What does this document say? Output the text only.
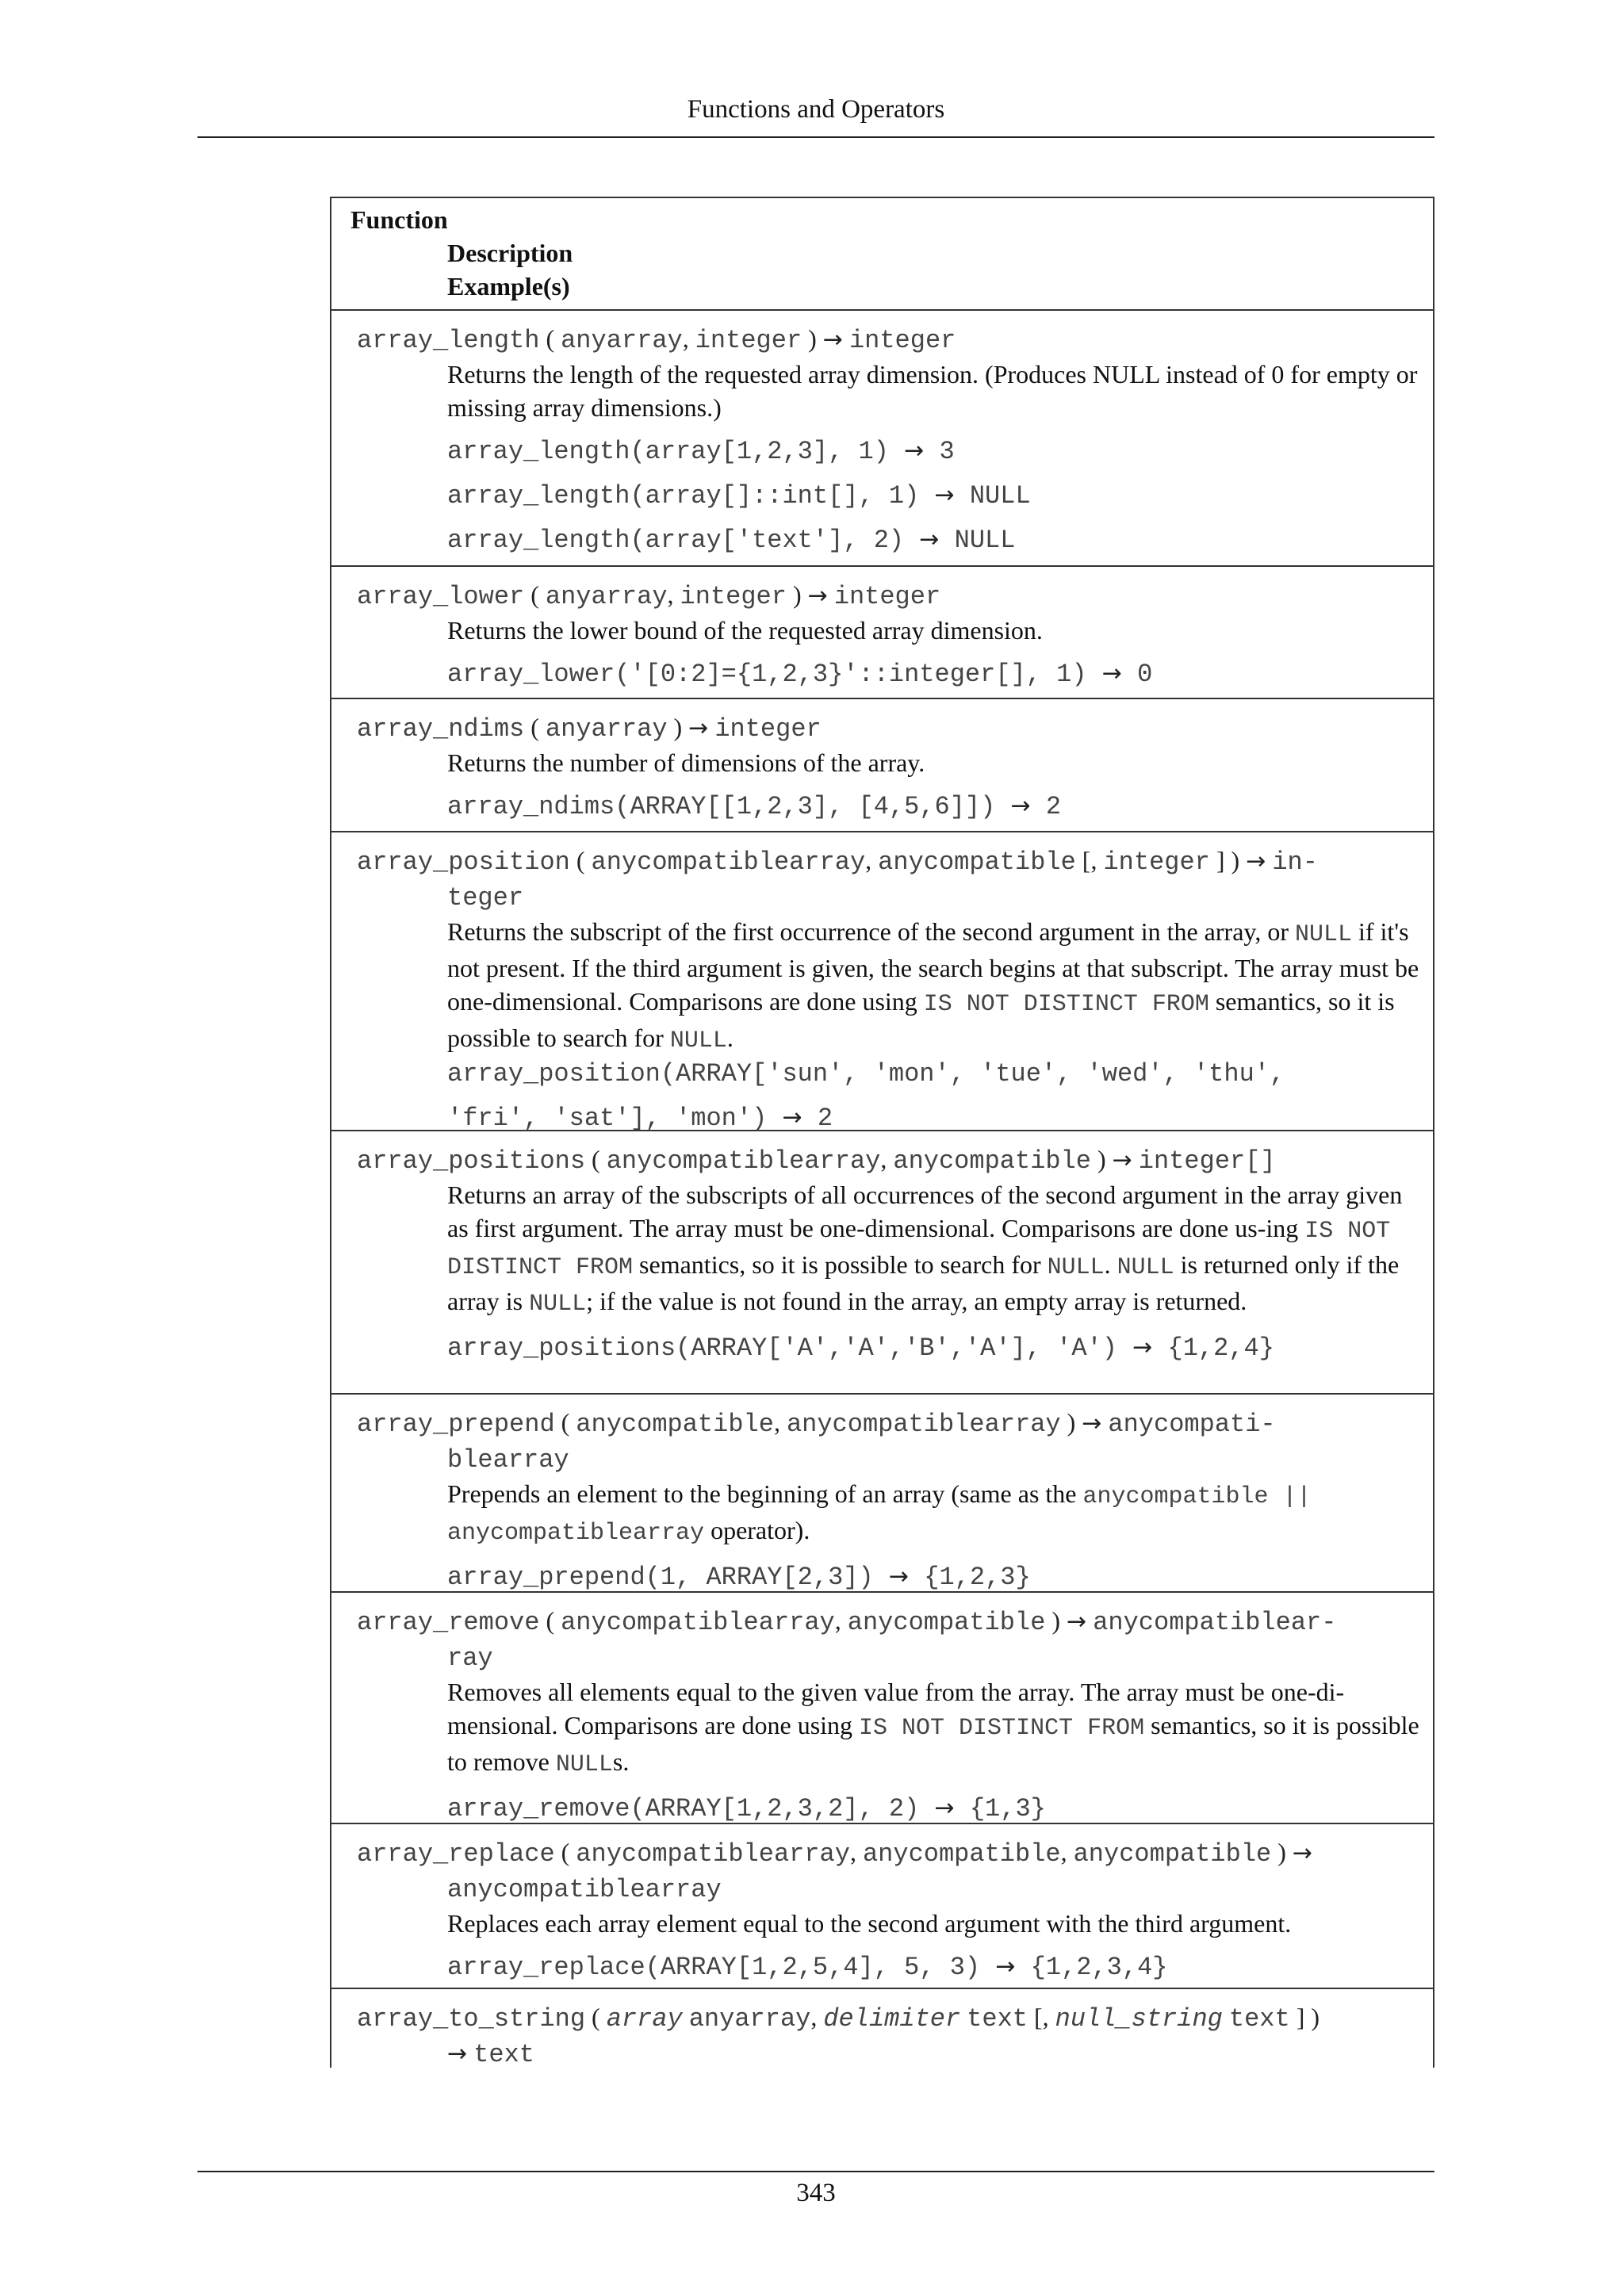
Functions and Operators
Function
Description
Example(s)
array_length ( anyarray, integer ) → integer
Returns the length of the requested array dimension. (Produces NULL instead of 0 for empty or missing array dimensions.)
array_length(array[1,2,3], 1) → 3
array_length(array[]::int[], 1) → NULL
array_length(array['text'], 2) → NULL
array_lower ( anyarray, integer ) → integer
Returns the lower bound of the requested array dimension.
array_lower('[0:2]={1,2,3}'::integer[], 1) → 0
array_ndims ( anyarray ) → integer
Returns the number of dimensions of the array.
array_ndims(ARRAY[[1,2,3], [4,5,6]]) → 2
array_position ( anycompatiblearray, anycompatible [, integer ] ) → in-
teger
Returns the subscript of the first occurrence of the second argument in the array, or NULL if it's not present. If the third argument is given, the search begins at that subscript. The array must be one-dimensional. Comparisons are done using IS NOT DISTINCT FROM semantics, so it is possible to search for NULL.
array_position(ARRAY['sun', 'mon', 'tue', 'wed', 'thu',
'fri', 'sat'], 'mon') → 2
array_positions ( anycompatiblearray, anycompatible ) → integer[]
Returns an array of the subscripts of all occurrences of the second argument in the array given as first argument. The array must be one-dimensional. Comparisons are done us-ing IS NOT DISTINCT FROM semantics, so it is possible to search for NULL. NULL is returned only if the array is NULL; if the value is not found in the array, an empty array is returned.
array_positions(ARRAY['A','A','B','A'], 'A') → {1,2,4}
array_prepend ( anycompatible, anycompatiblearray ) → anycompati-
blearray
Prepends an element to the beginning of an array (same as the anycompatible ||
anycompatiblearray operator).
array_prepend(1, ARRAY[2,3]) → {1,2,3}
array_remove ( anycompatiblearray, anycompatible ) → anycompatiblear-
ray
Removes all elements equal to the given value from the array. The array must be one-di-mensional. Comparisons are done using IS NOT DISTINCT FROM semantics, so it is possible to remove NULLs.
array_remove(ARRAY[1,2,3,2], 2) → {1,3}
array_replace ( anycompatiblearray, anycompatible, anycompatible ) →
anycompatiblearray
Replaces each array element equal to the second argument with the third argument.
array_replace(ARRAY[1,2,5,4], 5, 3) → {1,2,3,4}
array_to_string ( array anyarray, delimiter text [, null_string text ] )
→ text
343
